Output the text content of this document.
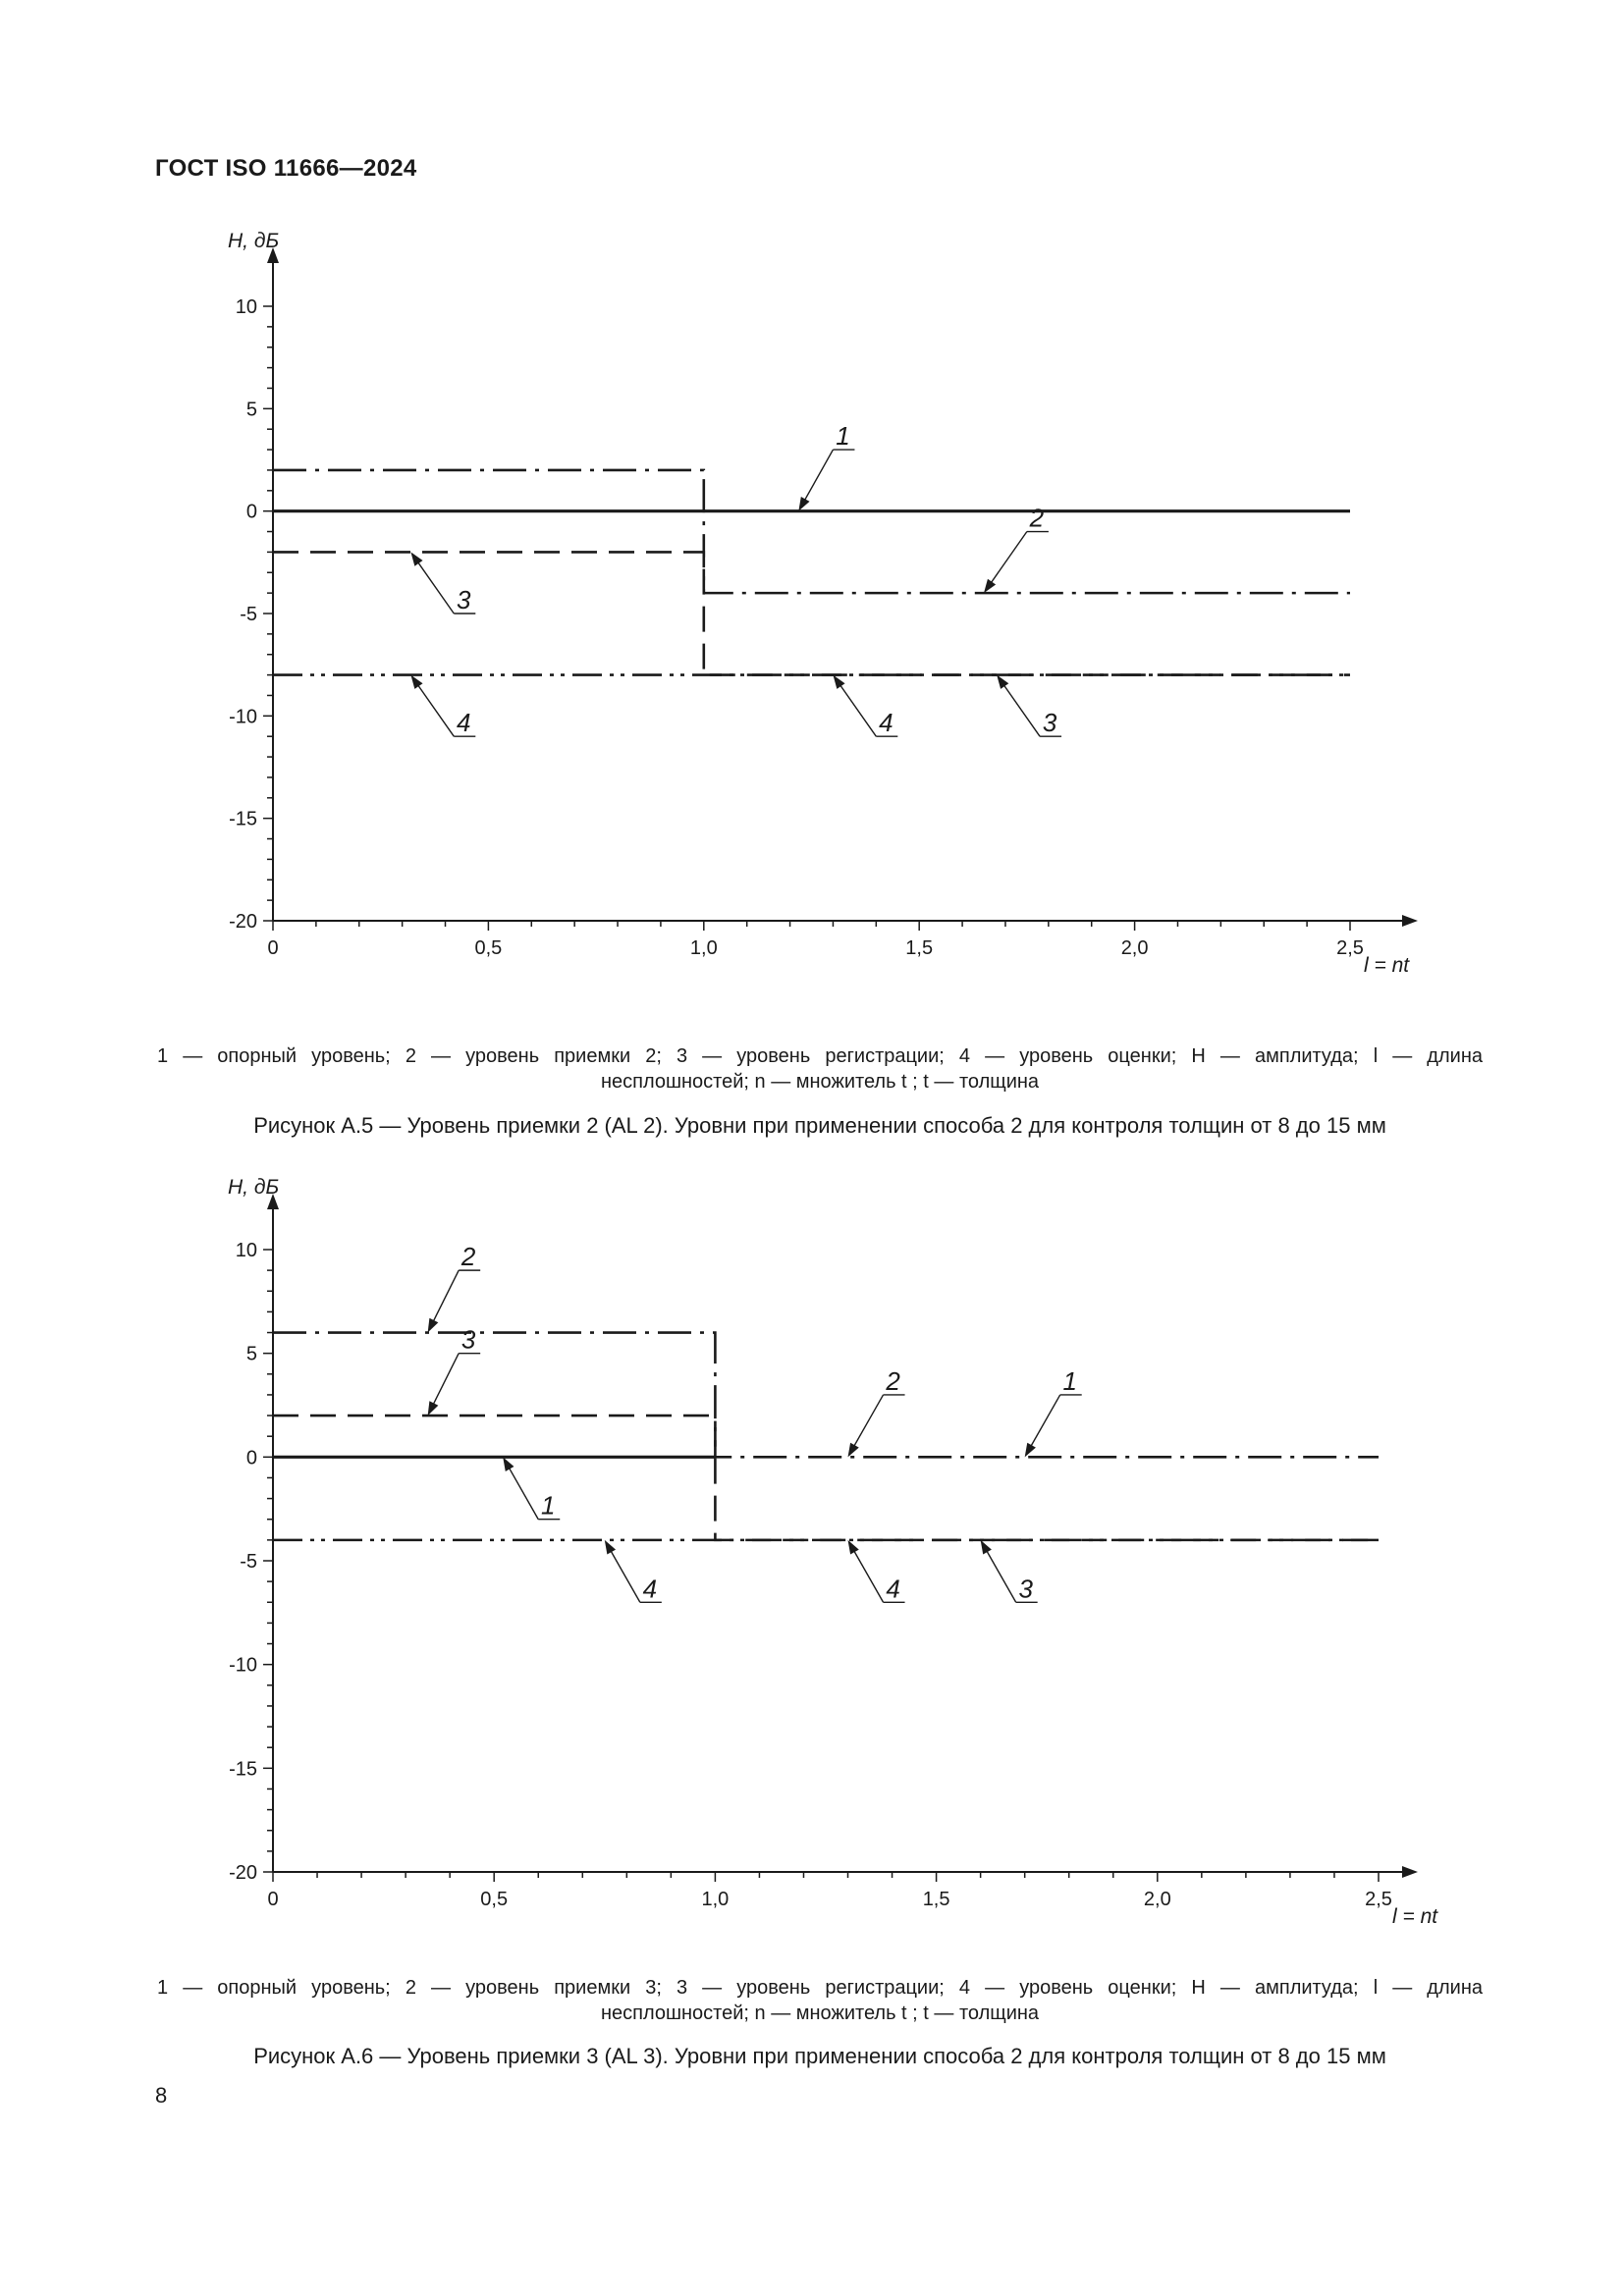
ГОСТ ISO 11666—2024
0	0,5	1,0	1,5	2,0	2,5
10
5
0
-5
-10
-15
-20
H, дБ
l = nt
1
2
3
4	4	3
1 — опорный уровень; 2 — уровень приемки 2; 3 — уровень регистрации; 4 — уровень оценки; H — амплитуда; l — длина
несплошностей; n — множитель t ; t — толщина
Рисунок А.5 — Уровень приемки 2 (AL 2). Уровни при применении способа 2 для контроля толщин от 8 до 15 мм
0	0,5	1,0	1,5	2,0	2,5
10
5
0
-5
-10
-15
-20
H, дБ
l = nt
2
3
1
2	1
4	4	3
1 — опорный уровень; 2 — уровень приемки 3; 3 — уровень регистрации; 4 — уровень оценки; H — амплитуда; l — длина
несплошностей; n — множитель t ; t — толщина
Рисунок А.6 — Уровень приемки 3 (AL 3). Уровни при применении способа 2 для контроля толщин от 8 до 15 мм
8
